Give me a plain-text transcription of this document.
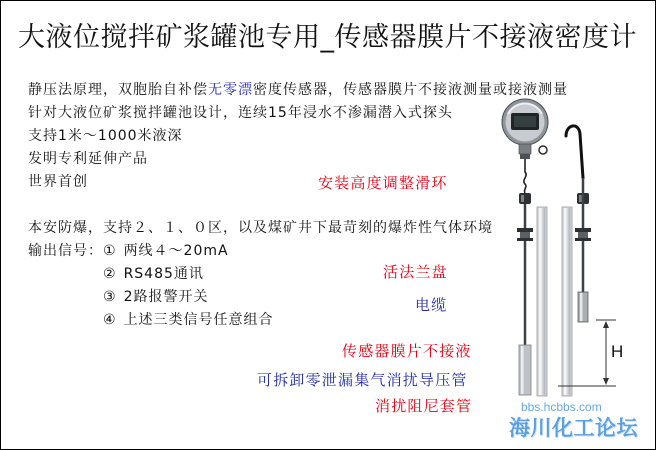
大液位搅拌矿浆罐池专用_传感器膜片不接液密度计
静压法原理，双胞胎自补偿无零漂密度传感器，传感器膜片不接液测量或接液测量
针对大液位矿浆搅拌罐池设计，连续15年浸水不渗漏潜入式探头
支持1米～1000米液深
发明专利延伸产品
世界首创
本安防爆，支持２、１、０区，以及煤矿井下最苛刻的爆炸性气体环境
输出信号： ① 两线４～20mA
② RS485通讯
③ 2路报警开关
④ 上述三类信号任意组合
安装高度调整滑环
活法兰盘
电缆
传感器膜片不接液
可拆卸零泄漏集气消扰导压管
消扰阻尼套管
H
bbs.hcbbs.com
海川化工论坛
